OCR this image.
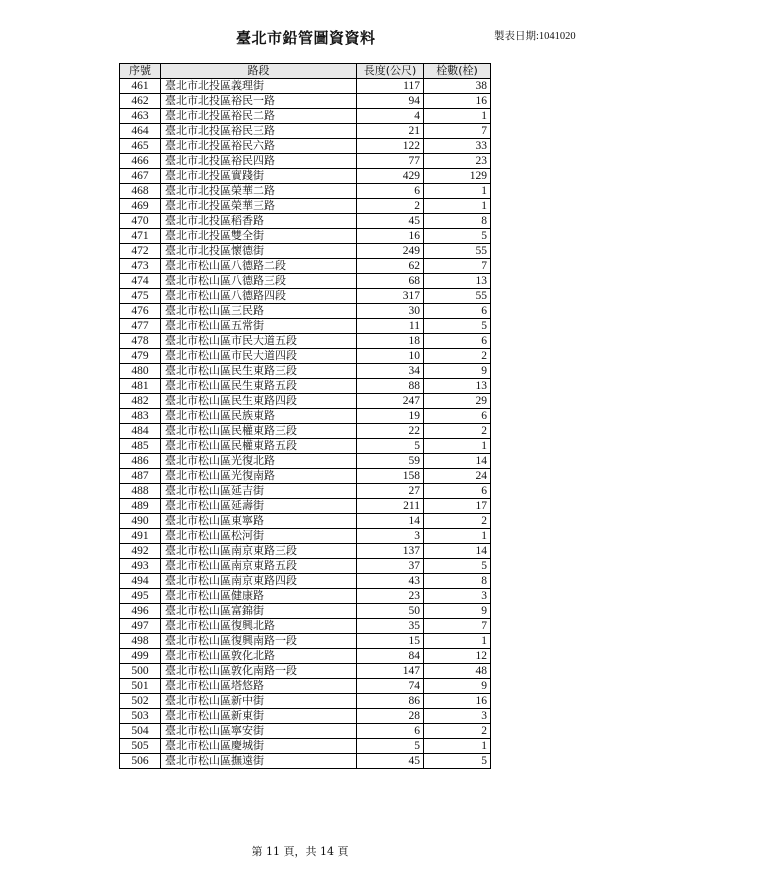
臺北市鉛管圖資資料	製表日期:1041020
序號	路段	長度(公尺)	栓數(栓)
461	臺北市北投區義理街	117	38
462	臺北市北投區裕民一路	94	16
463	臺北市北投區裕民二路	4	1
464	臺北市北投區裕民三路	21	7
465	臺北市北投區裕民六路	122	33
466	臺北市北投區裕民四路	77	23
467	臺北市北投區實踐街	429	129
468	臺北市北投區榮華二路	6	1
469	臺北市北投區榮華三路	2	1
470	臺北市北投區稻香路	45	8
471	臺北市北投區雙全街	16	5
472	臺北市北投區懷德街	249	55
473	臺北市松山區八德路二段	62	7
474	臺北市松山區八德路三段	68	13
475	臺北市松山區八德路四段	317	55
476	臺北市松山區三民路	30	6
477	臺北市松山區五常街	11	5
478	臺北市松山區市民大道五段	18	6
479	臺北市松山區市民大道四段	10	2
480	臺北市松山區民生東路三段	34	9
481	臺北市松山區民生東路五段	88	13
482	臺北市松山區民生東路四段	247	29
483	臺北市松山區民族東路	19	6
484	臺北市松山區民權東路三段	22	2
485	臺北市松山區民權東路五段	5	1
486	臺北市松山區光復北路	59	14
487	臺北市松山區光復南路	158	24
488	臺北市松山區延吉街	27	6
489	臺北市松山區延壽街	211	17
490	臺北市松山區東寧路	14	2
491	臺北市松山區松河街	3	1
492	臺北市松山區南京東路三段	137	14
493	臺北市松山區南京東路五段	37	5
494	臺北市松山區南京東路四段	43	8
495	臺北市松山區健康路	23	3
496	臺北市松山區富錦街	50	9
497	臺北市松山區復興北路	35	7
498	臺北市松山區復興南路一段	15	1
499	臺北市松山區敦化北路	84	12
500	臺北市松山區敦化南路一段	147	48
501	臺北市松山區塔悠路	74	9
502	臺北市松山區新中街	86	16
503	臺北市松山區新東街	28	3
504	臺北市松山區寧安街	6	2
505	臺北市松山區慶城街	5	1
506	臺北市松山區撫遠街	45	5
第 11 頁，共 14 頁
